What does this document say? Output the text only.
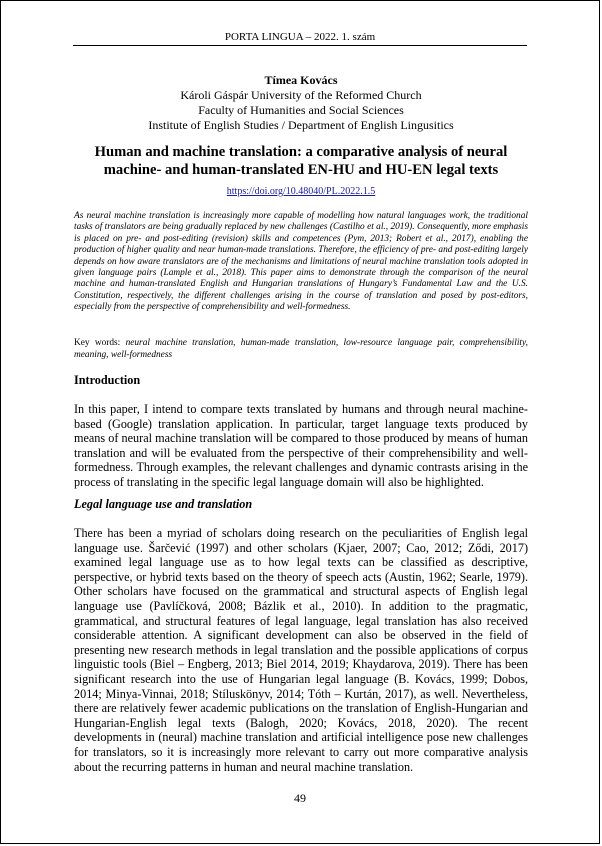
PORTA LINGUA – 2022. 1. szám
Tímea Kovács
Károli Gáspár University of the Reformed Church
Faculty of Humanities and Social Sciences
Institute of English Studies / Department of English Lingusitics
Human and machine translation: a comparative analysis of neural machine- and human-translated EN-HU and HU-EN legal texts
https://doi.org/10.48040/PL.2022.1.5
As neural machine translation is increasingly more capable of modelling how natural languages work, the traditional tasks of translators are being gradually replaced by new challenges (Castilho et al., 2019). Consequently, more emphasis is placed on pre- and post-editing (revision) skills and competences (Pym, 2013; Robert et al., 2017), enabling the production of higher quality and near human-made translations. Therefore, the efficiency of pre- and post-editing largely depends on how aware translators are of the mechanisms and limitations of neural machine translation tools adopted in given language pairs (Lample et al., 2018). This paper aims to demonstrate through the comparison of the neural machine and human-translated English and Hungarian translations of Hungary’s Fundamental Law and the U.S. Constitution, respectively, the different challenges arising in the course of translation and posed by post-editors, especially from the perspective of comprehensibility and well-formedness.
Key words: neural machine translation, human-made translation, low-resource language pair, comprehensibility, meaning, well-formedness
Introduction
In this paper, I intend to compare texts translated by humans and through neural machine-based (Google) translation application. In particular, target language texts produced by means of neural machine translation will be compared to those produced by means of human translation and will be evaluated from the perspective of their comprehensibility and well-formedness. Through examples, the relevant challenges and dynamic contrasts arising in the process of translating in the specific legal language domain will also be highlighted.
Legal language use and translation
There has been a myriad of scholars doing research on the peculiarities of English legal language use. Šarčević (1997) and other scholars (Kjaer, 2007; Cao, 2012; Ződi, 2017) examined legal language use as to how legal texts can be classified as descriptive, perspective, or hybrid texts based on the theory of speech acts (Austin, 1962; Searle, 1979). Other scholars have focused on the grammatical and structural aspects of English legal language use (Pavlíčková, 2008; Bázlik et al., 2010). In addition to the pragmatic, grammatical, and structural features of legal language, legal translation has also received considerable attention. A significant development can also be observed in the field of presenting new research methods in legal translation and the possible applications of corpus linguistic tools (Biel – Engberg, 2013; Biel 2014, 2019; Khaydarova, 2019). There has been significant research into the use of Hungarian legal language (B. Kovács, 1999; Dobos, 2014; Minya-Vinnai, 2018; Stíluskönyv, 2014; Tóth – Kurtán, 2017), as well. Nevertheless, there are relatively fewer academic publications on the translation of English-Hungarian and Hungarian-English legal texts (Balogh, 2020; Kovács, 2018, 2020). The recent developments in (neural) machine translation and artificial intelligence pose new challenges for translators, so it is increasingly more relevant to carry out more comparative analysis about the recurring patterns in human and neural machine translation.
49
